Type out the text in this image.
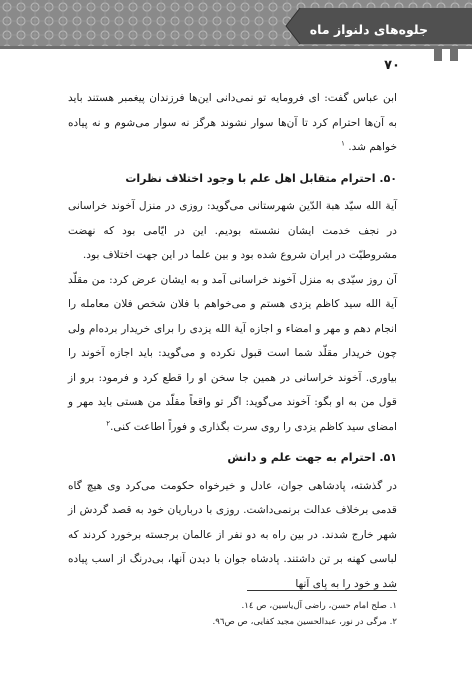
جلوه‌های دلنواز ماه
۷۰

ابن عباس گفت: ای فرومایه تو نمی‌دانی این‌ها فرزندان پیغمبر هستند باید به آن‌ها احترام کرد تا آن‌ها سوار نشوند هرگز نه سوار می‌شوم و نه پیاده خواهم شد. $^۱$

۵۰. احترام متقابل اهل علم با وجود اختلاف نظرات

آیة الله سیّد هبة الدّین شهرستانی می‌گوید: روزی در منزل آخوند خراسانی در نجف خدمت ایشان نشسته بودیم. این در ایّامی بود که نهضت مشروطیّت در ایران شروع شده بود و بین علما در این جهت اختلاف بود.

آن روز سیّدی به منزل آخوند خراسانی آمد و به ایشان عرض کرد: من مقلّد آیة الله سید کاظم یزدی هستم و می‌خواهم با فلان شخص فلان معامله را انجام دهم و مهر و امضاء و اجازه آیة الله یزدی را برای خریدار برده‌ام ولی چون خریدار مقلّد شما است قبول نکرده و می‌گوید: باید اجازه آخوند را بیاوری. آخوند خراسانی در همین جا سخن او را قطع کرد و فرمود: برو از قول من به او بگو: آخوند می‌گوید: اگر تو واقعاً مقلّد من هستی باید مهر و امضای سید کاظم یزدی را روی سرت بگذاری و فوراً اطاعت کنی.$^۲$

۵۱. احترام به جهت علم و دانش

در گذشته، پادشاهی جوان، عادل و خیرخواه حکومت می‌کرد وی هیچ گاه قدمی برخلاف عدالت برنمی‌داشت. روزی با درباریان خود به قصد گردش از شهر خارج شدند. در بین راه به دو نفر از عالمان برجسته برخورد کردند که لباسی کهنه بر تن داشتند. پادشاه جوان با دیدن آنها، بی‌درنگ از اسب پیاده شد و خود را به پای آنها

۱. صلح امام حسن، راضی آل‌یاسین، ص ۱٤.
۲. مرگی در نور، عبدالحسین مجید کفایی، ص ص۹٦.
